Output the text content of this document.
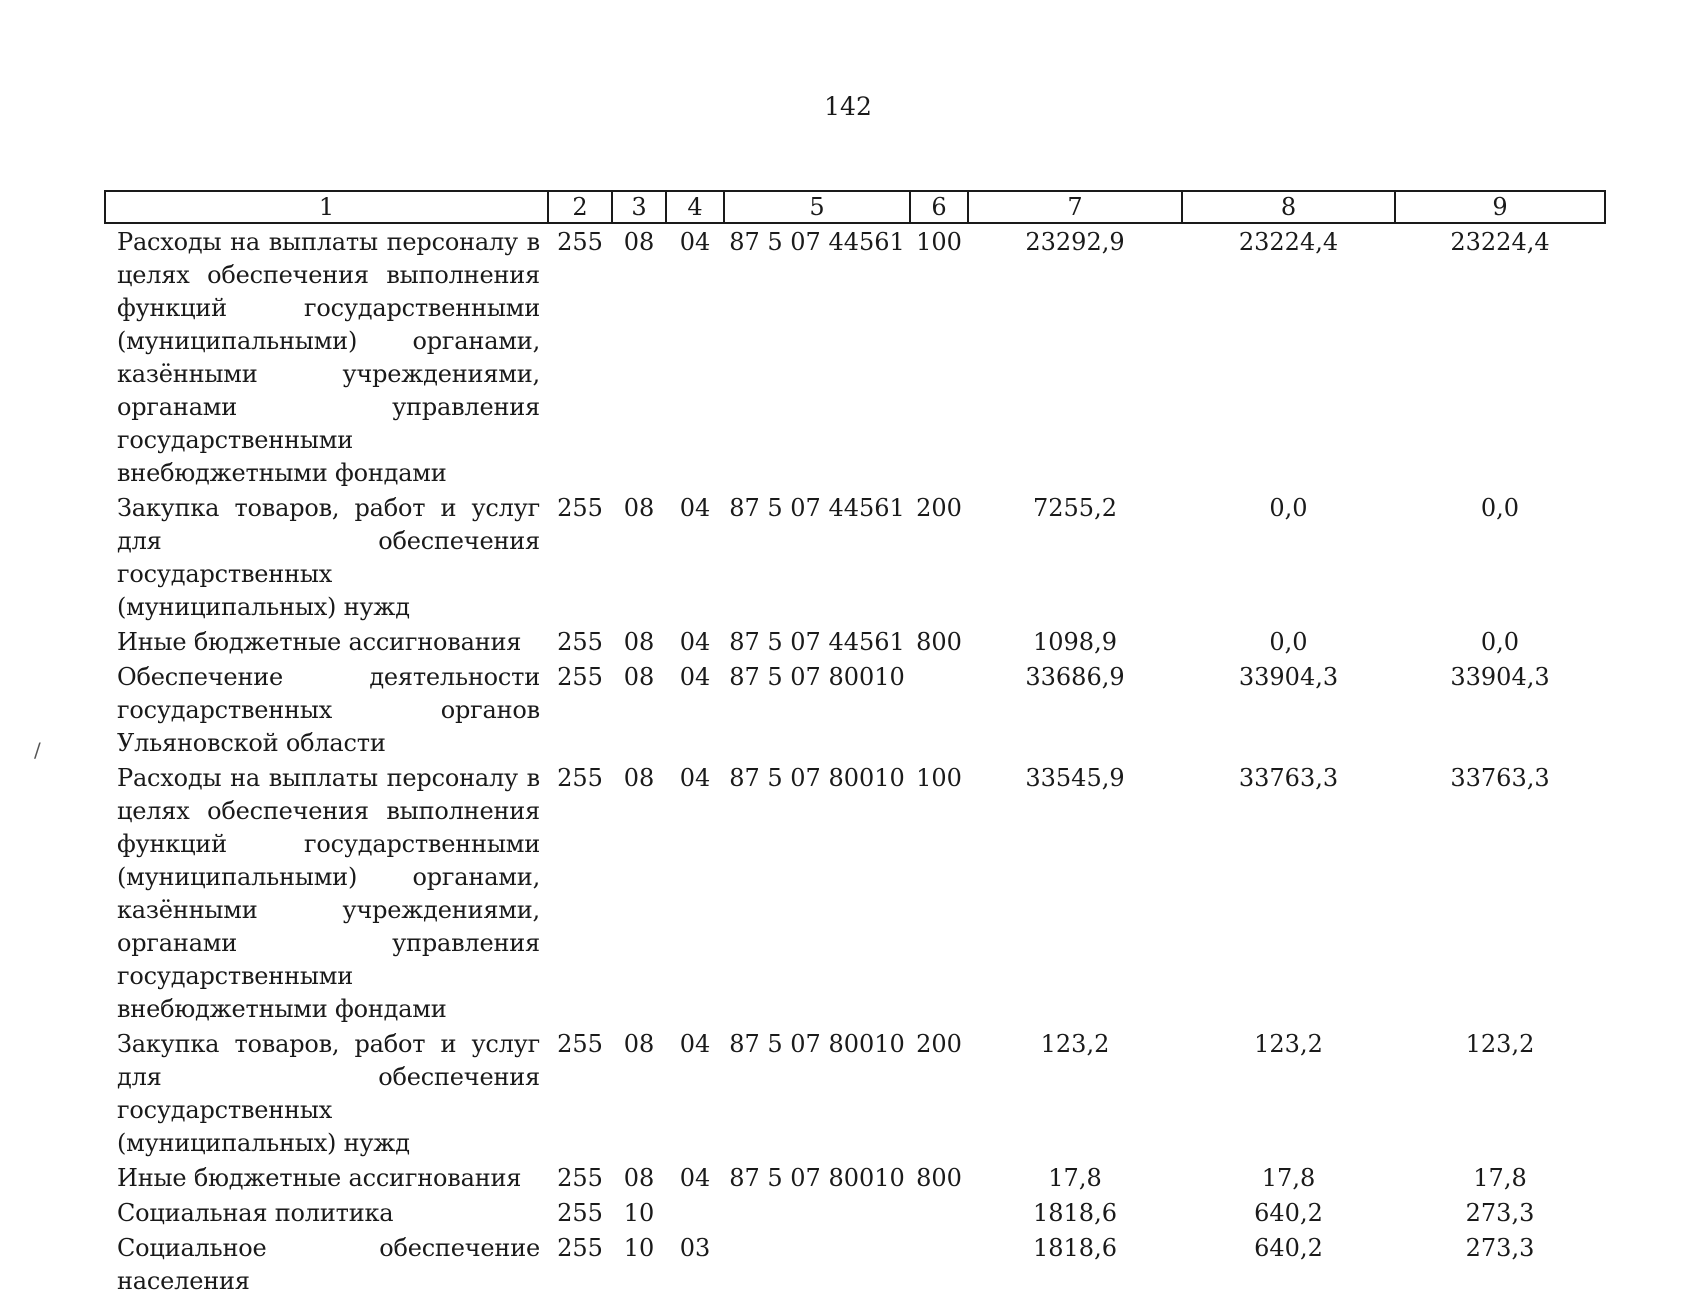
142
/
1	2	3	4	5	6	7	8	9
Расходы на выплаты персоналу в целях обеспечения выполнения функций государственными (муниципальными) органами, казёнными учреждениями, органами управления государственными внебюджетными фондами	255	08	04	87 5 07 44561	100	23292,9	23224,4	23224,4
Закупка товаров, работ и услуг для обеспечения государственных (муниципальных) нужд	255	08	04	87 5 07 44561	200	7255,2	0,0	0,0
Иные бюджетные ассигнования	255	08	04	87 5 07 44561	800	1098,9	0,0	0,0
Обеспечение деятельности государственных органов Ульяновской области	255	08	04	87 5 07 80010		33686,9	33904,3	33904,3
Расходы на выплаты персоналу в целях обеспечения выполнения функций государственными (муниципальными) органами, казёнными учреждениями, органами управления государственными внебюджетными фондами	255	08	04	87 5 07 80010	100	33545,9	33763,3	33763,3
Закупка товаров, работ и услуг для обеспечения государственных (муниципальных) нужд	255	08	04	87 5 07 80010	200	123,2	123,2	123,2
Иные бюджетные ассигнования	255	08	04	87 5 07 80010	800	17,8	17,8	17,8
Социальная политика	255	10				1818,6	640,2	273,3
Социальное обеспечение населения	255	10	03			1818,6	640,2	273,3
